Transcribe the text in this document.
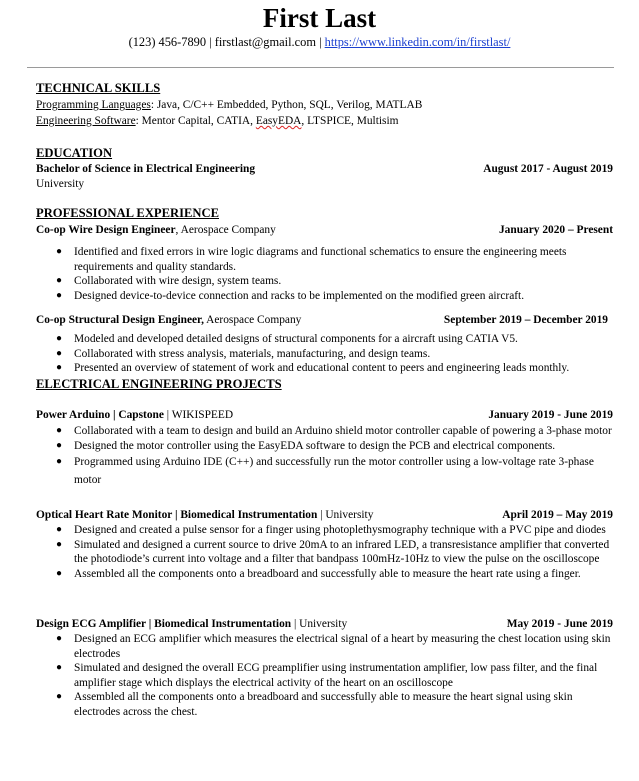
First Last
(123) 456-7890 | firstlast@gmail.com | https://www.linkedin.com/in/firstlast/
TECHNICAL SKILLS
Programming Languages: Java, C/C++ Embedded, Python, SQL, Verilog, MATLAB
Engineering Software: Mentor Capital, CATIA, EasyEDA, LTSPICE, Multisim
EDUCATION
Bachelor of Science in Electrical Engineering	August 2017 - August 2019
University
PROFESSIONAL EXPERIENCE
Co-op Wire Design Engineer, Aerospace Company	January 2020 – Present
● Identified and fixed errors in wire logic diagrams and functional schematics to ensure the engineering meets requirements and quality standards.
● Collaborated with wire design, system teams.
● Designed device-to-device connection and racks to be implemented on the modified green aircraft.
Co-op Structural Design Engineer, Aerospace Company	September 2019 – December 2019
● Modeled and developed detailed designs of structural components for a aircraft using CATIA V5.
● Collaborated with stress analysis, materials, manufacturing, and design teams.
● Presented an overview of statement of work and educational content to peers and engineering leads monthly.
ELECTRICAL ENGINEERING PROJECTS
Power Arduino | Capstone | WIKISPEED	January 2019 - June 2019
● Collaborated with a team to design and build an Arduino shield motor controller capable of powering a 3-phase motor
● Designed the motor controller using the EasyEDA software to design the PCB and electrical components.
● Programmed using Arduino IDE (C++) and successfully run the motor controller using a low-voltage rate 3-phase motor
Optical Heart Rate Monitor | Biomedical Instrumentation | University	April 2019 – May 2019
● Designed and created a pulse sensor for a finger using photoplethysmography technique with a PVC pipe and diodes
● Simulated and designed a current source to drive 20mA to an infrared LED, a transresistance amplifier that converted the photodiode’s current into voltage and a filter that bandpass 100mHz-10Hz to view the pulse on the oscilloscope
● Assembled all the components onto a breadboard and successfully able to measure the heart rate using a finger.
Design ECG Amplifier | Biomedical Instrumentation | University	May 2019 - June 2019
● Designed an ECG amplifier which measures the electrical signal of a heart by measuring the chest location using skin electrodes
● Simulated and designed the overall ECG preamplifier using instrumentation amplifier, low pass filter, and the final amplifier stage which displays the electrical activity of the heart on an oscilloscope
● Assembled all the components onto a breadboard and successfully able to measure the heart signal using skin electrodes across the chest.
